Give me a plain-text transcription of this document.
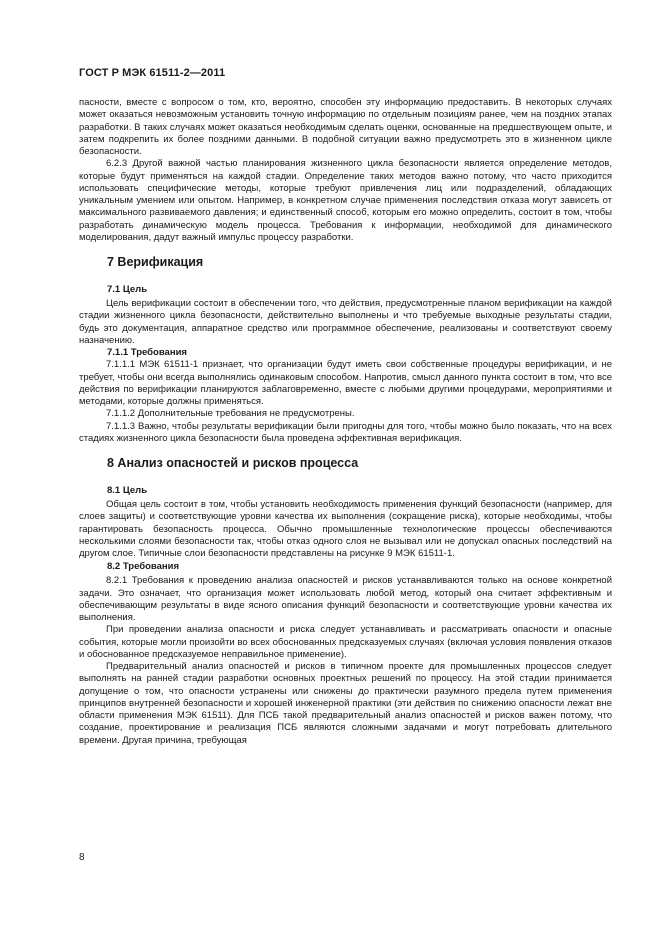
ГОСТ Р МЭК 61511-2—2011

пасности, вместе с вопросом о том, кто, вероятно, способен эту информацию предоставить. В некоторых случаях может оказаться невозможным установить точную информацию по отдельным позициям ранее, чем на поздних этапах разработки. В таких случаях может оказаться необходимым сделать оценки, основанные на предшествующем опыте, и затем подкрепить их более поздними данными. В подобной ситуации важно предусмотреть это в жизненном цикле безопасности.

6.2.3 Другой важной частью планирования жизненного цикла безопасности является определение методов, которые будут применяться на каждой стадии. Определение таких методов важно потому, что часто приходится использовать специфические методы, которые требуют привлечения лиц или подразделений, обладающих уникальным умением или опытом. Например, в конкретном случае применения последствия отказа могут зависеть от максимального развиваемого давления; и единственный способ, которым его можно определить, состоит в том, чтобы разработать динамическую модель процесса. Требования к информации, необходимой для динамического моделирования, дадут важный импульс процессу разработки.

7 Верификация
7.1 Цель

Цель верификации состоит в обеспечении того, что действия, предусмотренные планом верификации на каждой стадии жизненного цикла безопасности, действительно выполнены и что требуемые выходные результаты стадии, будь это документация, аппаратное средство или программное обеспечение, реализованы и соответствуют своему назначению.

7.1.1 Требования

7.1.1.1 МЭК 61511-1 признает, что организации будут иметь свои собственные процедуры верификации, и не требует, чтобы они всегда выполнялись одинаковым способом. Напротив, смысл данного пункта состоит в том, что все действия по верификации планируются заблаговременно, вместе с любыми другими процедурами, мероприятиями и методами, которые должны применяться.

7.1.1.2 Дополнительные требования не предусмотрены.

7.1.1.3 Важно, чтобы результаты верификации были пригодны для того, чтобы можно было показать, что на всех стадиях жизненного цикла безопасности была проведена эффективная верификация.

8 Анализ опасностей и рисков процесса
8.1 Цель

Общая цель состоит в том, чтобы установить необходимость применения функций безопасности (например, для слоев защиты) и соответствующие уровни качества их выполнения (сокращение риска), которые необходимы, чтобы гарантировать безопасность процесса. Обычно промышленные технологические процессы обеспечиваются несколькими слоями безопасности так, чтобы отказ одного слоя не вызывал или не допускал опасных последствий на другом слое. Типичные слои безопасности представлены на рисунке 9 МЭК 61511-1.

8.2 Требования

8.2.1 Требования к проведению анализа опасностей и рисков устанавливаются только на основе конкретной задачи. Это означает, что организация может использовать любой метод, который она считает эффективным и обеспечивающим результаты в виде ясного описания функций безопасности и соответствующие уровни качества их выполнения.

При проведении анализа опасности и риска следует устанавливать и рассматривать опасности и опасные события, которые могли произойти во всех обоснованных предсказуемых случаях (включая условия появления отказов и обоснованное предсказуемое неправильное применение).

Предварительный анализ опасностей и рисков в типичном проекте для промышленных процессов следует выполнять на ранней стадии разработки основных проектных решений по процессу. На этой стадии принимается допущение о том, что опасности устранены или снижены до практически разумного предела путем применения принципов внутренней безопасности и хорошей инженерной практики (эти действия по снижению опасности лежат вне области применения МЭК 61511). Для ПСБ такой предварительный анализ опасностей и рисков важен потому, что создание, проектирование и реализация ПСБ являются сложными задачами и могут потребовать длительного времени. Другая причина, требующая

8
